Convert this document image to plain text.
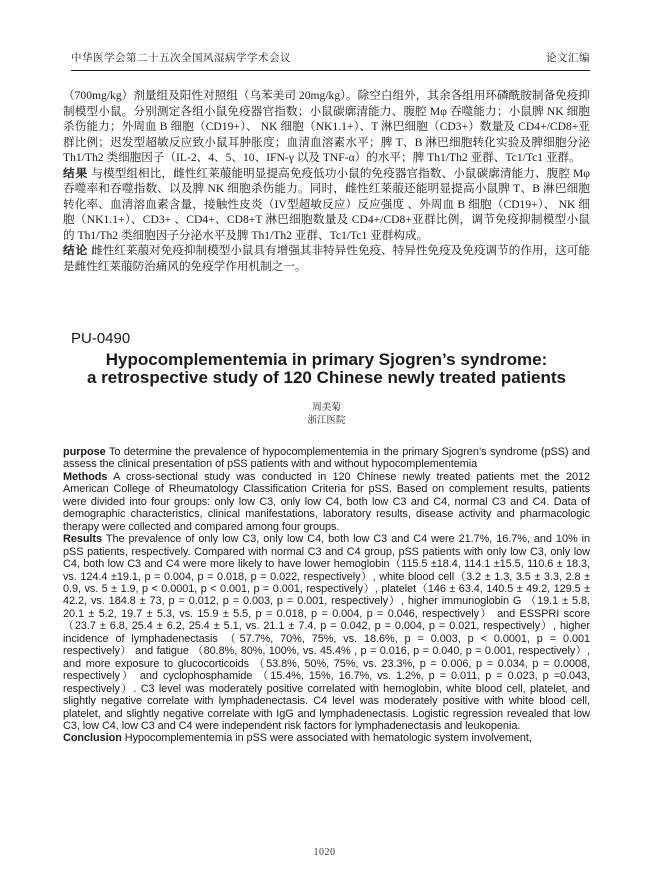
中华医学会第二十五次全国风湿病学学术会议	论文汇编

（700mg/kg）剂量组及阳性对照组（乌苯美司 20mg/kg）。除空白组外，其余各组用环磷酰胺制备免疫抑制模型小鼠。分别测定各组小鼠免疫器官指数；小鼠碳廓清能力、腹腔 Mφ 吞噬能力；小鼠脾 NK 细胞杀伤能力；外周血 B 细胞（CD19+）、 NK 细胞（NK1.1+）、T 淋巴细胞（CD3+）数量及 CD4+/CD8+亚群比例；迟发型超敏反应致小鼠耳肿胀度；血清血溶素水平；脾 T、B 淋巴细胞转化实验及脾细胞分泌 Th1/Th2 类细胞因子（IL-2、4、5、10、IFN-γ 以及 TNF-α）的水平；脾 Th1/Th2 亚群、Tc1/Tc1 亚群。

结果 与模型组相比，雌性红莱菔能明显提高免疫低功小鼠的免疫器官指数、小鼠碳廓清能力、腹腔 Mφ 吞噬率和吞噬指数、以及脾 NK 细胞杀伤能力。同时，雌性红莱菔还能明显提高小鼠脾 T、B 淋巴细胞转化率、血清溶血素含量，接触性皮炎（IV型超敏反应）反应强度 、外周血 B 细胞（CD19+）、 NK 细胞（NK1.1+）、CD3+ 、CD4+、CD8+T 淋巴细胞数量及 CD4+/CD8+亚群比例，调节免疫抑制模型小鼠的 Th1/Th2 类细胞因子分泌水平及脾 Th1/Th2 亚群、Tc1/Tc1 亚群构成。

结论 雌性红莱菔对免疫抑制模型小鼠具有增强其非特异性免疫、特异性免疫及免疫调节的作用，这可能是雌性红莱菔防治痛风的免疫学作用机制之一。

PU-0490
Hypocomplementemia in primary Sjogren’s syndrome:
a retrospective study of 120 Chinese newly treated patients
周美菊
浙江医院

purpose To determine the prevalence of hypocomplementemia in the primary Sjogren’s syndrome (pSS) and assess the clinical presentation of pSS patients with and without hypocomplementemia

Methods A cross-sectional study was conducted in 120 Chinese newly treated patients met the 2012 American College of Rheumatology Classification Criteria for pSS. Based on complement results, patients were divided into four groups: only low C3, only low C4, both low C3 and C4, normal C3 and C4. Data of demographic characteristics, clinical manifestations, laboratory results, disease activity and pharmacologic therapy were collected and compared among four groups.

Results The prevalence of only low C3, only low C4, both low C3 and C4 were 21.7%, 16.7%, and 10% in pSS patients, respectively. Compared with normal C3 and C4 group, pSS patients with only low C3, only low C4, both low C3 and C4 were more likely to have lower hemoglobin（115.5 ±18.4, 114.1 ±15.5, 110.6 ± 18.3, vs. 124.4 ±19.1, p = 0.004, p = 0.018, p = 0.022, respectively）, white blood cell（3.2 ± 1.3, 3.5 ± 3.3, 2.8 ± 0.9, vs. 5 ± 1.9, p < 0.0001, p < 0.001, p = 0.001, respectively）, platelet（146 ± 63.4, 140.5 ± 49.2, 129.5 ± 42.2, vs. 184.8 ± 73, p = 0.012, p = 0.003, p = 0.001, respectively）, higher immunoglobin G （19.1 ± 5.8, 20.1 ± 5.2, 19.7 ± 5.3, vs. 15.9 ± 5.5, p = 0.018, p = 0.004, p = 0.046, respectively） and ESSPRI score （23.7 ± 6.8, 25.4 ± 6.2, 25.4 ± 5.1, vs. 21.1 ± 7.4, p = 0.042, p = 0.004, p = 0.021, respectively）, higher incidence of lymphadenectasis （57.7%, 70%, 75%, vs. 18.6%, p = 0.003, p < 0.0001, p = 0.001 respectively） and fatigue （80.8%, 80%, 100%, vs. 45.4% , p = 0.016, p = 0.040, p = 0.001, respectively）, and more exposure to glucocorticoids （53.8%, 50%, 75%, vs. 23.3%, p = 0.006, p = 0.034, p = 0.0008, respectively） and cyclophosphamide （15.4%, 15%, 16.7%, vs. 1.2%, p = 0.011, p = 0.023, p =0.043, respectively）. C3 level was moderately positive correlated with hemoglobin, white blood cell, platelet, and slightly negative correlate with lymphadenectasis. C4 level was moderately positive with white blood cell, platelet, and slightly negative correlate with IgG and lymphadenectasis. Logistic regression revealed that low C3, low C4, low C3 and C4 were independent risk factors for lymphadenectasis and leukopenia.

Conclusion Hypocomplementemia in pSS were associated with hematologic system involvement,

1020
